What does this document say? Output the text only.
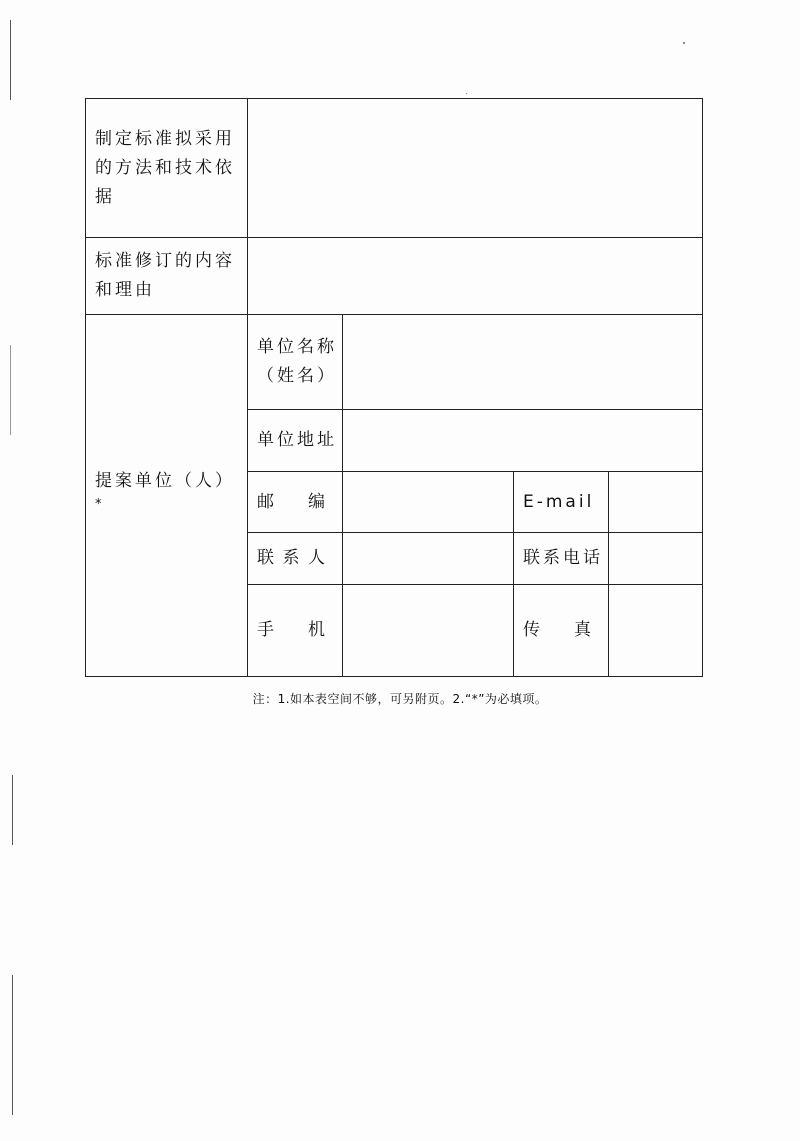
制定标准拟采用的方法和技术依据				
标准修订的内容和理由				
提案单位（人）*	单位名称
（姓名）			

	单位地址			

	邮 编		E-mail	

	联 系 人		联系电话	

	手 机		传 真	

注：1.如本表空间不够，可另附页。2.“*”为必填项。
